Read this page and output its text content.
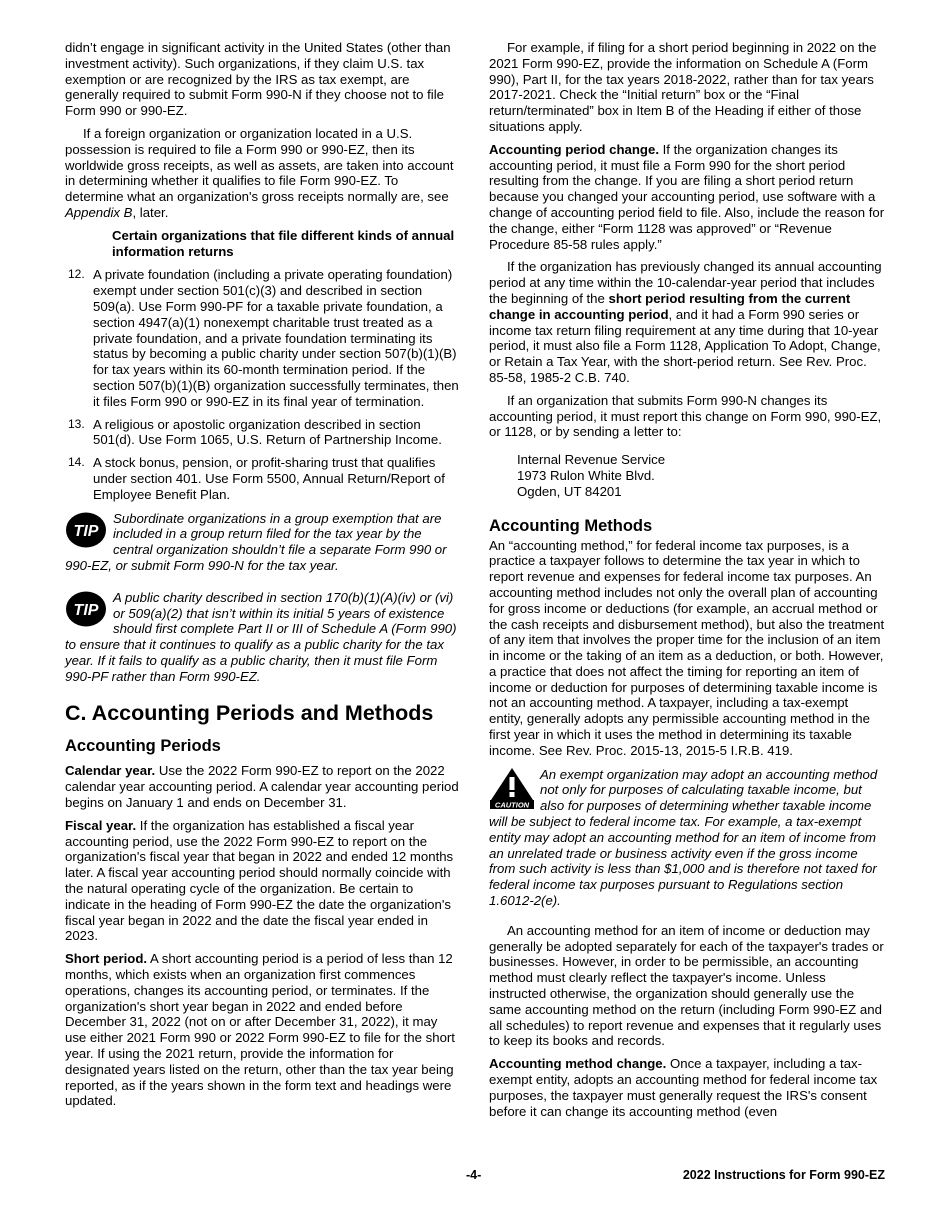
didn’t engage in significant activity in the United States (other than investment activity). Such organizations, if they claim U.S. tax exemption or are recognized by the IRS as tax exempt, are generally required to submit Form 990-N if they choose not to file Form 990 or 990-EZ.

If a foreign organization or organization located in a U.S. possession is required to file a Form 990 or 990-EZ, then its worldwide gross receipts, as well as assets, are taken into account in determining whether it qualifies to file Form 990-EZ. To determine what an organization's gross receipts normally are, see Appendix B, later.

Certain organizations that file different kinds of annual information returns
12. A private foundation (including a private operating foundation) exempt under section 501(c)(3) and described in section 509(a). Use Form 990-PF for a taxable private foundation, a section 4947(a)(1) nonexempt charitable trust treated as a private foundation, and a private foundation terminating its status by becoming a public charity under section 507(b)(1)(B) for tax years within its 60-month termination period. If the section 507(b)(1)(B) organization successfully terminates, then it files Form 990 or 990-EZ in its final year of termination.
13. A religious or apostolic organization described in section 501(d). Use Form 1065, U.S. Return of Partnership Income.
14. A stock bonus, pension, or profit-sharing trust that qualifies under section 401. Use Form 5500, Annual Return/Report of Employee Benefit Plan.
TIP
Subordinate organizations in a group exemption that are included in a group return filed for the tax year by the central organization shouldn’t file a separate Form 990 or 990-EZ, or submit Form 990-N for the tax year.
TIP
A public charity described in section 170(b)(1)(A)(iv) or (vi) or 509(a)(2) that isn’t within its initial 5 years of existence should first complete Part II or III of Schedule A (Form 990) to ensure that it continues to qualify as a public charity for the tax year. If it fails to qualify as a public charity, then it must file Form 990-PF rather than Form 990-EZ.
C. Accounting Periods and Methods
Accounting Periods

Calendar year. Use the 2022 Form 990-EZ to report on the 2022 calendar year accounting period. A calendar year accounting period begins on January 1 and ends on December 31.

Fiscal year. If the organization has established a fiscal year accounting period, use the 2022 Form 990-EZ to report on the organization's fiscal year that began in 2022 and ended 12 months later. A fiscal year accounting period should normally coincide with the natural operating cycle of the organization. Be certain to indicate in the heading of Form 990-EZ the date the organization's fiscal year began in 2022 and the date the fiscal year ended in 2023.

Short period. A short accounting period is a period of less than 12 months, which exists when an organization first commences operations, changes its accounting period, or terminates. If the organization's short year began in 2022 and ended before December 31, 2022 (not on or after December 31, 2022), it may use either 2021 Form 990 or 2022 Form 990-EZ to file for the short year. If using the 2021 return, provide the information for designated years listed on the return, other than the tax year being reported, as if the years shown in the form text and headings were updated.

For example, if filing for a short period beginning in 2022 on the 2021 Form 990-EZ, provide the information on Schedule A (Form 990), Part II, for the tax years 2018-2022, rather than for tax years 2017-2021. Check the “Initial return” box or the “Final return/terminated” box in Item B of the Heading if either of those situations apply.

Accounting period change. If the organization changes its accounting period, it must file a Form 990 for the short period resulting from the change. If you are filing a short period return because you changed your accounting period, use software with a change of accounting period field to file. Also, include the reason for the change, either “Form 1128 was approved” or “Revenue Procedure 85-58 rules apply.”

If the organization has previously changed its annual accounting period at any time within the 10-calendar-year period that includes the beginning of the short period resulting from the current change in accounting period, and it had a Form 990 series or income tax return filing requirement at any time during that 10-year period, it must also file a Form 1128, Application To Adopt, Change, or Retain a Tax Year, with the short-period return. See Rev. Proc. 85-58, 1985-2 C.B. 740.

If an organization that submits Form 990-N changes its accounting period, it must report this change on Form 990, 990-EZ, or 1128, or by sending a letter to:

Internal Revenue Service
1973 Rulon White Blvd.
Ogden, UT 84201
Accounting Methods

An “accounting method,” for federal income tax purposes, is a practice a taxpayer follows to determine the tax year in which to report revenue and expenses for federal income tax purposes. An accounting method includes not only the overall plan of accounting for gross income or deductions (for example, an accrual method or the cash receipts and disbursement method), but also the treatment of any item that involves the proper time for the inclusion of an item in income or the taking of an item as a deduction, or both. However, a practice that does not affect the timing for reporting an item of income or deduction for purposes of determining taxable income is not an accounting method. A taxpayer, including a tax-exempt entity, generally adopts any permissible accounting method in the first year in which it uses the method in determining its taxable income. See Rev. Proc. 2015-13, 2015-5 I.R.B. 419.

CAUTION
An exempt organization may adopt an accounting method not only for purposes of calculating taxable income, but also for purposes of determining whether taxable income will be subject to federal income tax. For example, a tax-exempt entity may adopt an accounting method for an item of income from an unrelated trade or business activity even if the gross income from such activity is less than $1,000 and is therefore not taxed for federal income tax purposes pursuant to Regulations section 1.6012-2(e).

An accounting method for an item of income or deduction may generally be adopted separately for each of the taxpayer's trades or businesses. However, in order to be permissible, an accounting method must clearly reflect the taxpayer's income. Unless instructed otherwise, the organization should generally use the same accounting method on the return (including Form 990-EZ and all schedules) to report revenue and expenses that it regularly uses to keep its books and records.

Accounting method change. Once a taxpayer, including a tax-exempt entity, adopts an accounting method for federal income tax purposes, the taxpayer must generally request the IRS's consent before it can change its accounting method (even

-4-	2022 Instructions for Form 990-EZ
